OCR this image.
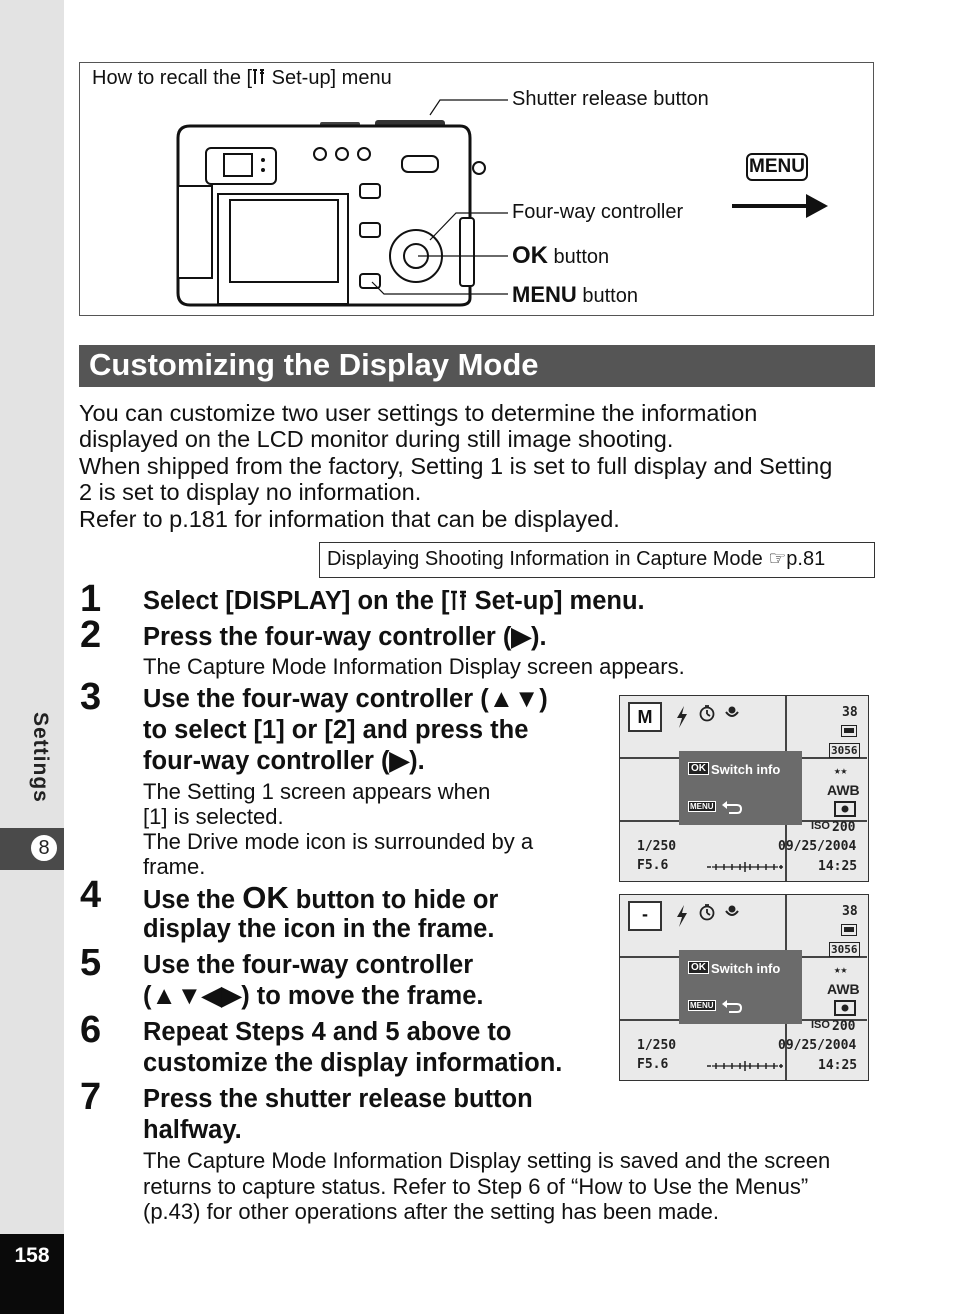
Settings
8
158
How to recall the [ Set-up] menu
Shutter release button
Four-way controller
OK button
MENU button
MENU
Customizing the Display Mode

You can customize two user settings to determine the information

displayed on the LCD monitor during still image shooting.

When shipped from the factory, Setting 1 is set to full display and Setting

2 is set to display no information.

Refer to p.181 for information that can be displayed.

Displaying Shooting Information in Capture Mode ☞p.81
1 Select [DISPLAY] on the [ Set-up] menu.
2 Press the four-way controller (▶).
The Capture Mode Information Display screen appears.
3 Use the four-way controller (▲▼)
to select [1] or [2] and press the
four-way controller (▶).
The Setting 1 screen appears when
[1] is selected.
The Drive mode icon is surrounded by a
frame.
4 Use the OK button to hide or
display the icon in the frame.
5 Use the four-way controller
(▲▼◀▶) to move the frame.
6 Repeat Steps 4 and 5 above to
customize the display information.
7 Press the shutter release button
halfway.
The Capture Mode Information Display setting is saved and the screen
returns to capture status. Refer to Step 6 of “How to Use the Menus”
(p.43) for other operations after the setting has been made.
M	38
3056
★★
AWB
OK Switch info
MENU
ISO 200
1/250
F5.6
09/25/2004
14:25
-	38
3056
★★
AWB
OK Switch info
MENU
ISO 200
1/250
F5.6
09/25/2004
14:25
